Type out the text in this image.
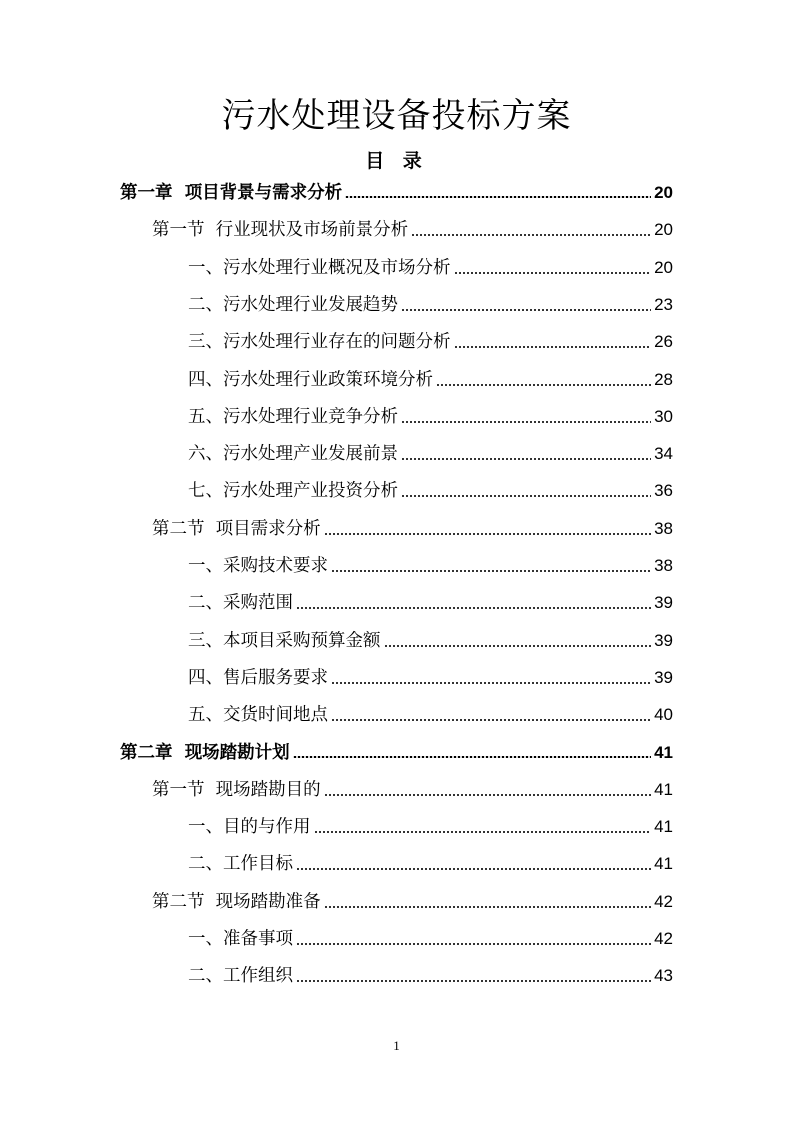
污水处理设备投标方案
目 录
第一章 项目背景与需求分析	20
第一节 行业现状及市场前景分析	20
一、 污水处理行业概况及市场分析	20
二、 污水处理行业发展趋势	23
三、 污水处理行业存在的问题分析	26
四、 污水处理行业政策环境分析	28
五、 污水处理行业竞争分析	30
六、 污水处理产业发展前景	34
七、 污水处理产业投资分析	36
第二节 项目需求分析	38
一、 采购技术要求	38
二、 采购范围	39
三、 本项目采购预算金额	39
四、 售后服务要求	39
五、 交货时间地点	40
第二章 现场踏勘计划	41
第一节 现场踏勘目的	41
一、 目的与作用	41
二、 工作目标	41
第二节 现场踏勘准备	42
一、 准备事项	42
二、 工作组织	43
1
